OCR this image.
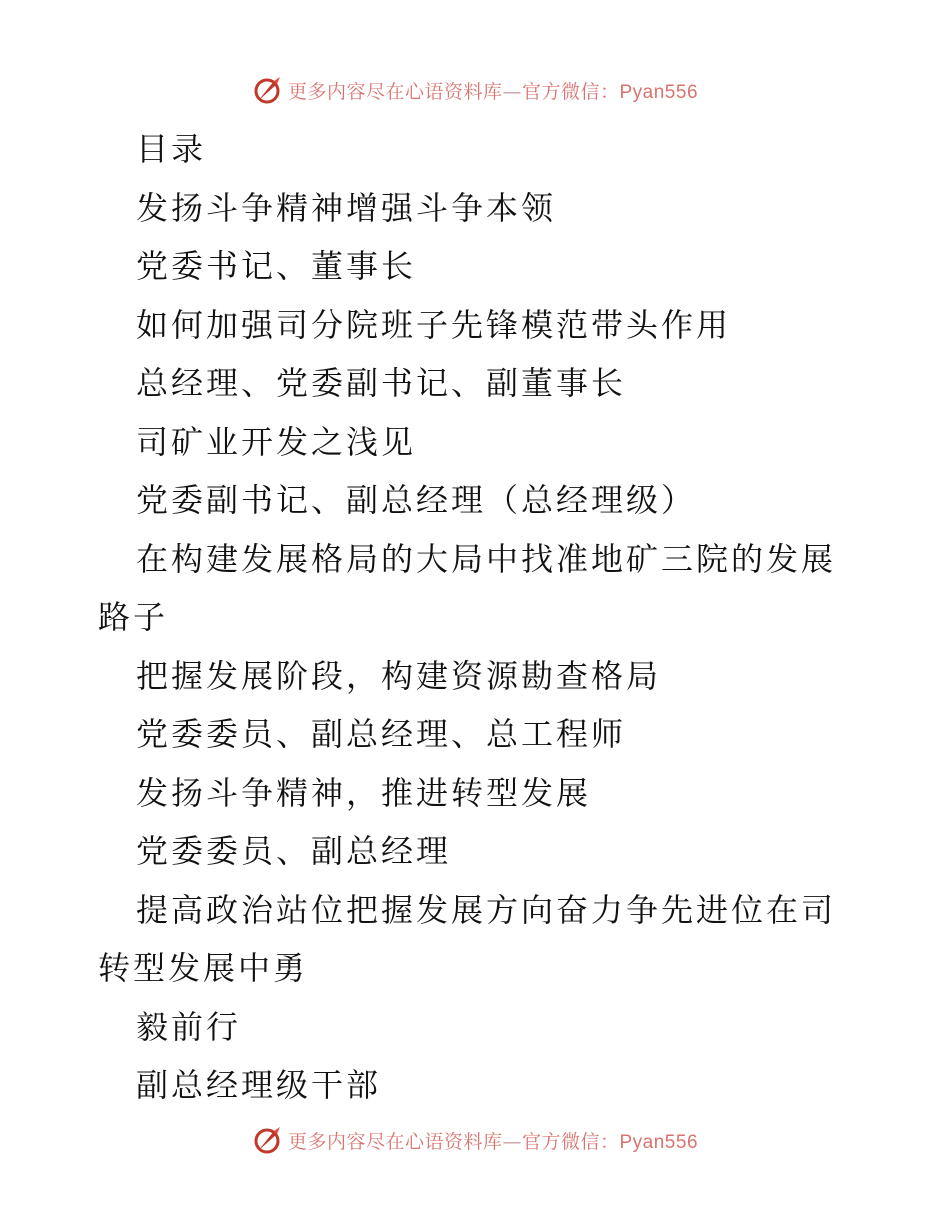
更多内容尽在心语资料库—官方微信：Pyan556

目录

发扬斗争精神增强斗争本领

党委书记、董事长

如何加强司分院班子先锋模范带头作用

总经理、党委副书记、副董事长

司矿业开发之浅见

党委副书记、副总经理（总经理级）

在构建发展格局的大局中找准地矿三院的发展路子

把握发展阶段，构建资源勘查格局

党委委员、副总经理、总工程师

发扬斗争精神，推进转型发展

党委委员、副总经理

提高政治站位把握发展方向奋力争先进位在司转型发展中勇

毅前行

副总经理级干部

更多内容尽在心语资料库—官方微信：Pyan556
